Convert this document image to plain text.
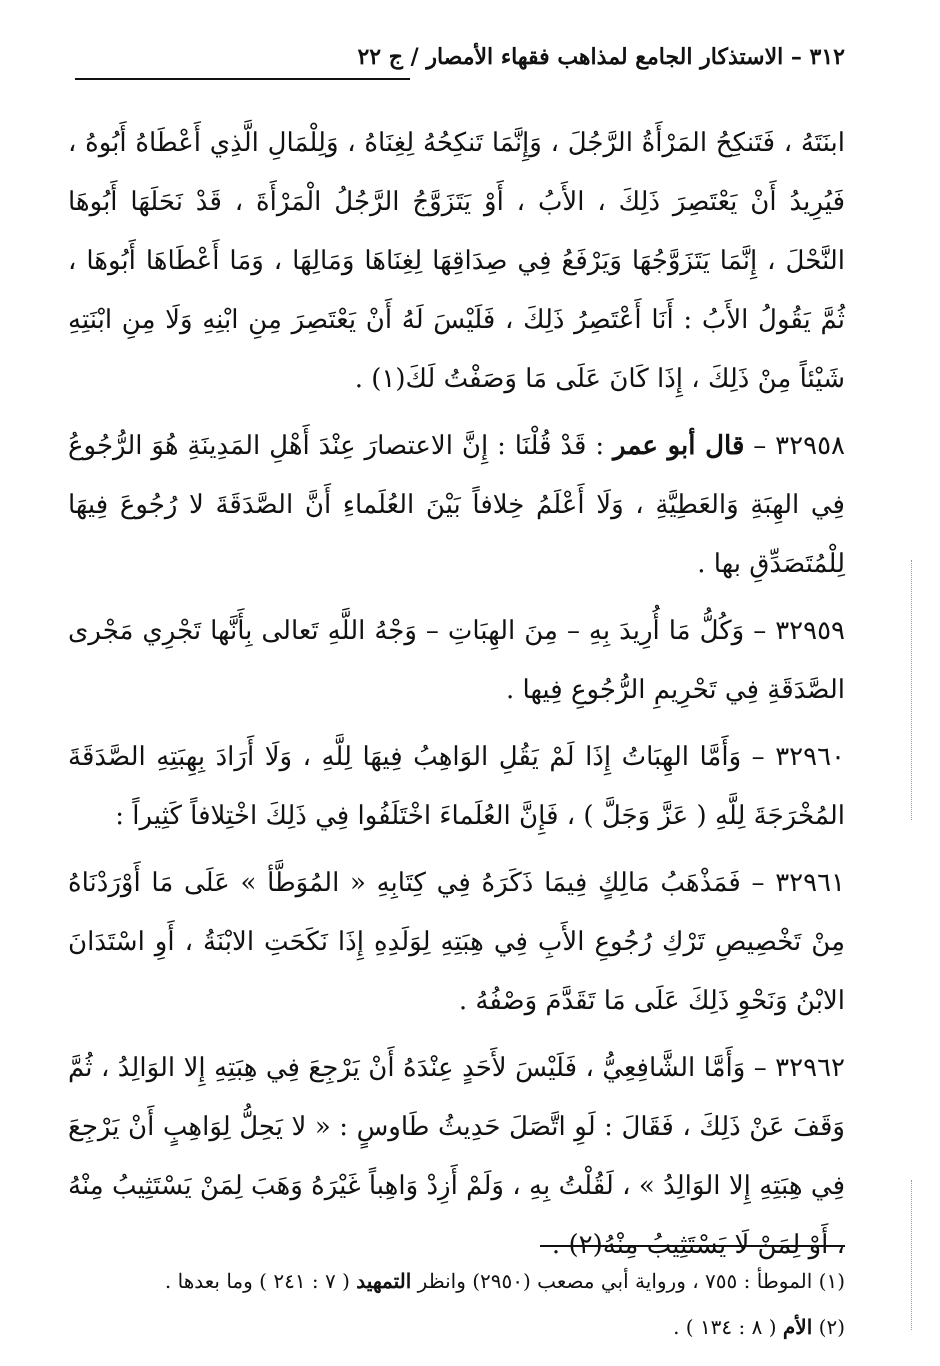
٣١٢ – الاستذكار الجامع لمذاهب فقهاء الأمصار / ج ٢٢

ابنَتَهُ ، فَتَنكِحُ المَرْأَةُ الرَّجُلَ ، وَإِنَّمَا تَنكِحُهُ لِغِنَاهُ ، وَلِلْمَالِ الَّذِي أَعْطَاهُ أَبُوهُ ، فَيُرِيدُ أَنْ يَعْتَصِرَ ذَلِكَ ، الأَبُ ، أَوْ يَتَزَوَّجُ الرَّجُلُ الْمَرْأَةَ ، قَدْ نَحَلَهَا أَبُوهَا النَّحْلَ ، إِنَّمَا يَتَزَوَّجُهَا وَيَرْفَعُ فِي صِدَاقِهَا لِغِنَاهَا وَمَالِهَا ، وَمَا أَعْطَاهَا أَبُوهَا ، ثُمَّ يَقُولُ الأَبُ : أَنَا أَعْتَصِرُ ذَلِكَ ، فَلَيْسَ لَهُ أَنْ يَعْتَصِرَ مِنِ ابْنِهِ وَلَا مِنِ ابْنَتِهِ شَيْئاً مِنْ ذَلِكَ ، إِذَا كَانَ عَلَى مَا وَصَفْتُ لَكَ(١) .

٣٢٩٥٨ – قال أبو عمر : قَدْ قُلْنَا : إِنَّ الاعتصارَ عِنْدَ أَهْلِ المَدِينَةِ هُوَ الرُّجُوعُ فِي الهِبَةِ وَالعَطِيَّةِ ، وَلَا أَعْلَمُ خِلافاً بَيْنَ العُلَماءِ أَنَّ الصَّدَقَةَ لا رُجُوعَ فِيهَا لِلْمُتَصَدِّقِ بها .

٣٢٩٥٩ – وَكُلُّ مَا أُرِيدَ بِهِ – مِنَ الهِبَاتِ – وَجْهُ اللَّهِ تَعالى بِأَنَّها تَجْرِي مَجْرى الصَّدَقَةِ فِي تَحْرِيمِ الرُّجُوعِ فِيها .

٣٢٩٦٠ – وَأَمَّا الهِبَاتُ إِذَا لَمْ يَقُلِ الوَاهِبُ فِيهَا لِلَّهِ ، وَلَا أَرَادَ بِهِبَتِهِ الصَّدَقَةَ المُخْرَجَةَ لِلَّهِ ( عَزَّ وَجَلَّ ) ، فَإِنَّ العُلَماءَ اخْتَلَفُوا فِي ذَلِكَ اخْتِلافاً كَثِيراً :

٣٢٩٦١ – فَمَذْهَبُ مَالِكٍ فِيمَا ذَكَرَهُ فِي كِتَابِهِ « المُوَطَّأ » عَلَى مَا أَوْرَدْنَاهُ مِنْ تَخْصِيصِ تَرْكِ رُجُوعِ الأَبِ فِي هِبَتِهِ لِوَلَدِهِ إِذَا نَكَحَتِ الابْنَةُ ، أَوِ اسْتَدَانَ الابْنُ وَنَحْوِ ذَلِكَ عَلَى مَا تَقَدَّمَ وَصْفُهُ .

٣٢٩٦٢ – وَأَمَّا الشَّافِعِيُّ ، فَلَيْسَ لأَحَدٍ عِنْدَهُ أَنْ يَرْجِعَ فِي هِبَتِهِ إِلا الوَالِدُ ، ثُمَّ وَقَفَ عَنْ ذَلِكَ ، فَقَالَ : لَوِ اتَّصَلَ حَدِيثُ طَاوسٍ : « لا يَحِلُّ لِوَاهِبٍ أَنْ يَرْجِعَ فِي هِبَتِهِ إِلا الوَالِدُ » ، لَقُلْتُ بِهِ ، وَلَمْ أَزِدْ وَاهِباً غَيْرَهُ وَهَبَ لِمَنْ يَسْتَثِيبُ مِنْهُ ، أَوْ لِمَنْ لَا يَسْتَثِيبُ مِنْهُ(٢) .

(١) الموطأ : ٧٥٥ ، ورواية أبي مصعب (٢٩٥٠) وانظر التمهيد ( ٧ : ٢٤١ ) وما بعدها .

(٢) الأم ( ٨ : ١٣٤ ) .
